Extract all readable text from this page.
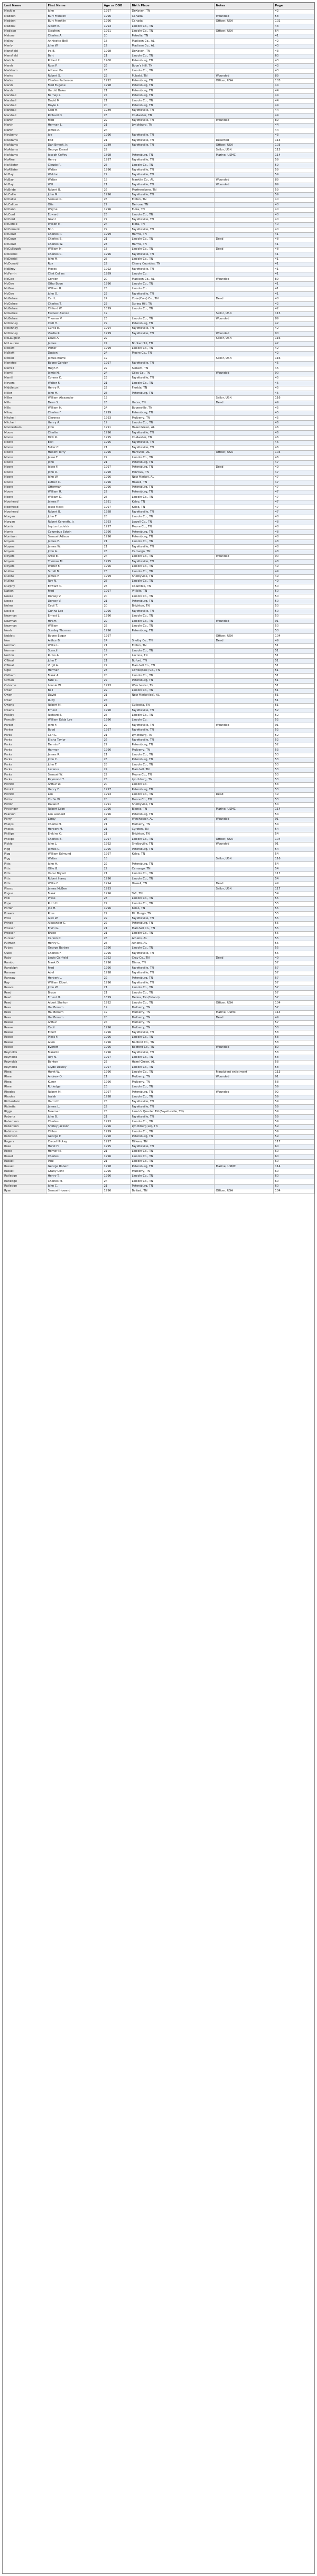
Last Name	First Name	Age or DOB	Birth Place	Notes	Page
Macklin	John	1997	DeKoven, TN		42
Madden	Burt Franklin	1996	Canada	Wounded	58
Madden	Burt Franklin	1996	Canada	Officer, USA	102
Maddox	Albert E.	1993	Lincoln Co., TN		43
Madison	Stephen	1991	Lincoln Co., TN	Officer, USA	64
Malone	Charles A.	20	Petrolia, TN		41
Malley	Annisette Bell	18	Madison Co., AL		42
Manly	John W.	22	Madison Co., AL		43
Mansfield	Ira B.	1998	DeKoven, TN		43
Mansfield	Bert	21	Lincoln Co., TN		63
Marich	Robert H.	1900	Petersburg, TN		43
Marsh	Ross P.	26	Boon's Hill, TN		43
Markham	Alfonso Bo	26	Lincoln Co., TN		43
Marks	Robert S.	22	Pulaski, TN	Wounded	89
Marks	Charles Patterson	1992	Petersburg, TN	Officer, USA	103
Marsh	Fred Eugene	1998	Petersburg, TN		44
Marsh	Harold Baker	21	Petersburg, TN		44
Marshall	Barney L.	24	Petersburg, TN		44
Marshall	David M.	21	Lincoln Co., TN		44
Marshall	Doyle L.	20	Petersburg, TN		44
Marshall	Said M.	1989	Fayetteville, TN		44
Marshall	Richard O.	26	Coldwater, TN		44
Martin	Fred	22	Fayetteville, TN	Wounded	89
Martin	Herman L.	21	Lynchburg, TN		44
Martin	James A.	24			44
Mayberry	Joe	1996	Fayetteville, TN		43
McAdams	Edd	21	Fayetteville, TN	Deserted	113
McAdams	Dan Ernest, Jr.	1989	Fayetteville, TN	Officer, USA	103
McAdams	George Ernest	29		Sailor, USN	115
McAdams	Joseph Coffey	1898	Petersburg, TN	Marine, USMC	114
McAfee	Henry	1997	Fayetteville, TN		59
McAllister	Claude R.	25	Lincoln Co., TN		59
McAllister	Walter	1996	Fayetteville, TN		59
McBay	Weldon	22	Fayetteville, TN		59
McBay	Walter	18	Franklin Co., AL	Wounded	89
McBay	Will	21	Fayetteville, TN	Wounded	89
McBride	Robert B.	26	Murfreesboro, TN		59
McCallie	John M.	1996	Fayetteville, TN		59
McCallie	Samuel G.	26	Elkton, TN		40
McCallum	Otis	27	Delrose, TN		40
McCann	Wayne	1996	Elora, TN		40
McCord	Edward	25	Lincoln Co., TN		40
McCord	Grant	27	Fayetteville, TN		40
McCorkle	Wilson M.	24	Elora, TN		40
McCormick	Bon	29	Fayetteville, TN		40
McCown	Charles R.	1999	Harms, TN		41
McCown	Charles B.	21	Lincoln Co., TN	Dead	48
McCown	Charles W.	23	Harms, TN		41
McCullough	William M.	18	Lincoln Co., TN	Dead	48
McDaniel	Charles C.	1996	Fayetteville, TN		41
McDaniel	John M.	25	Lincoln Co., TN		41
McDonald	Roy	22	Cherry Counties, TN		41
McElroy	Moses	1992	Fayetteville, TN		41
McFerrin	Clint Collins	1989	Lincoln Co.		41
McGee	Gordon	20	Madison Co., AL	Wounded	89
McGee	Otho Boon	1996	Lincoln Co., TN		41
McGee	William R.	25	Lincoln Co.		41
McGee	John O.	22	Fayetteville, TN		41
McGehee	Carl L.	24	Coke(Cole) Co., TN	Dead	48
McGehee	Charles T.	23	Spring Hill, TN		42
McGehee	Clifford W.	1899	Lincoln Co., TN		42
McGehee	Earnest Alonzo	19		Sailor, USN	115
McGehee	Thomas V.	23	Lincoln Co., TN	Wounded	89
McKinney	Clell H.	29	Petersburg, TN		42
McKinney	Curtis E.	1994	Fayetteville, TN		42
McKinney	Verdie R.	1999	Fayetteville, TN	Wounded	90
McLaughlin	Lewis A.	22		Sailor, USN	116
McLaurine	James	24	Bonker Hill, TN		42
McNatt	Porter	1999	Lincoln Co., TN		42
McNatt	Dutton	24	Moore Co., TN		42
McNeil	James Bluffe	19		Sailor, USN	116
Menefee	Boone Gordon	1997	Fayetteville, TN		45
Merrell	Hugh H.	22	Skinem, TN		45
Merrill	Jamie H.	24	Giles Co., TN	Wounded	90
Merrill	Conner C.	23	Fayetteville, TN		45
Meyers	Walter F.	21	Lincoln Co., TN		45
Middleton	Henry R.	22	Florida, TN		45
Miller	John H.	25	Petersburg, TN		45
Miller	William Alexander	19		Sailor, USN	116
Mills	Deen S.	26	Hates, TN	Dead	49
Mills	William H.	24	Booneville, TN		45
Milsap	Charles F.	1999	Petersburg, TN		45
Mitchell	Clarence	1993	Mulberry, TN		45
Mitchell	Henry A.	19	Lincoln Co., TN		46
Moonesham	John	1991	Hazel Green, AL		46
Moore	Charlie	1996	Fayetteville, TN		46
Moore	Dick R.	1995	Coldwater, TN		46
Moore	Earl	1995	Fayetteville, TN		46
Moore	Fuller C.	21	Fayetteville, TN		46
Moore	Hubert Terry	1996	Harbville, AL	Officer, USA	103
Moore	Jesse F.	22	Lincoln Co., TN		46
Moore	John	21	Petersburg, TN		47
Moore	Jesse F.	1997	Petersburg, TN	Dead	49
Moore	John D.	1990	Minroux, TN		47
Moore	John W.	1996	New Market, AL		47
Moore	Luther C.	1996	Howell, TN		47
Moore	Otterman	1996	Petersburg, TN		47
Moore	William R.	27	Petersburg, TN		47
Moore	William D.	25	Lincoln Co., TN		47
Moorhead	James F.	1991	Kelso, TN		47
Moorhead	Jesse Mack	1997	Kelso, TN		47
Moorhead	Robert B.	1988	Fayetteville, TN		47
Morgan	John T.	28	Lincoln Co., TN		48
Morgan	Robert Kenneth, Jr.	1993	Lowell Co., TN		48
Morris	Leyton Ludvick	1997	Moore Co., TN		48
Morris	Columbus Edwin	1996	Petersburg, TN		48
Morrison	Samuel Adison	1996	Petersburg, TN		48
Moyers	James E.	21	Lincoln Co., TN		48
Moyers	James W.	21	Fayetteville, TN		48
Moyers	John A.	26	Camargo, TN		48
Moyers	Arcie E.	24	Lincoln Co., TN	Wounded	90
Moyers	Thomas M.	1995	Fayetteville, TN		48
Moyers	Walter F.	1996	Lincoln Co., TN		49
Mullins	Sirrell B.	23	Lincoln Co., TN		49
Mullins	James H.	1999	Shelbyville, TN		49
Mullins	Roy N.	25	Lincoln Co., TN		49
Murphy	Edward C.	25	Columbia, TN		50
Nation	Fred	1997	Vitikits, TN		50
Neese	Dorsey V.	20	Lincoln Co., TN		50
Neese	Dorsey V.	21	Petersburg, TN		50
Nelms	Cecil T.	20	Brighton, TN		50
Neville	Gunna Lee	1996	Fayetteville, TN		50
Newman	Ernest L.	1996	Lincoln Co., TN		50
Newman	Hiram	22	Lincoln Co., TN	Wounded	91
Newman	William	25	Lincoln Co., TN		50
Noah	Stanley Thomas	1996	Petersburg, TN		50
Noblett	Boone Edgar	1997		Officer, USA	104
Noe	Arthur B.	24	Shelby Co., TN	Dead	49
Norman	Willie L.	21	Elkton, TN		51
Norman	Stancil	19	Lincoln Co., TN		51
Norton	Rufus A.	23	Lacona, TN		51
O'Neal	John T.	21	Buford, TN		51
O'Neal	Virgil A.	27	Marshall Co., TN		51
Ogle	Herman	23	Coffee(Coe) Co., TN		51
Oldham	Frank A.	20	Lincoln Co., TN		51
Orman	Fate C.	27	Petersburg, TN		51
Osborne	Lonnie W.	1993	Winchester, TN		51
Owen	Bell	22	Lincoln Co., TN		51
Owen	David	21	New Market(co), AL		51
Owen	Ruby	24			51
Owens	Robert M.	21	Culleoka, TN		51
Owens	Ernest	1990	Fayetteville, TN		52
Paisley	Richard E.	25	Lincoln Co., TN		52
Pamplin	William Edda Lee	1996	Lincoln Co.		52
Parker	John F.	22	Fayetteville, TN	Wounded	91
Parker	Boyd	1997	Fayetteville, TN		52
Parks	Carl L.	21	Lynchburg, TN		52
Parks	Elisha Taylor	26	Fayetteville, TN		52
Parks	Dennis F.	27	Petersburg, TN		52
Parks	Harmon	1996	Mulberry, TN		53
Parks	James R.	21	Lincoln Co., TN		53
Parks	John C.	26	Petersburg, TN		53
Parks	John T.	28	Lincoln Co., TN		53
Parks	Lazarus	24	Marshall, TN		53
Parks	Samuel W.	22	Moore Co., TN		53
Parks	Raymond T.	25	Lynchburg, TN		53
Patrick	Arthur W.	20	Lincoln Co.		53
Patrick	Henry E.	1997	Petersburg, TN		53
Patrick	Leo	1993	Lincoln Co., TN	Dead	49
Patton	Corfie W.	20	Moore Co., TN		53
Patton	Dallas B.	1991	Shelbyville, TN		54
Paysinger	Robert Leon	1996	Blanse, TN	Marine, USMC	114
Pearson	Leo Leonard	1996	Petersburg, TN		54
Perry	Laroy	25	Winchester, AL	Wounded	91
Phelps	Charlie H.	21	Mulberry, TN		54
Phelps	Herbert M.	21	Cyrston, TN		54
Phillips	Erskine O.	21	Brighton, TN		54
Phillips	Charles B.	1997	Lincoln Co., TN	Officer, USA	104
Pickle	John L.	1992	Shelbyville, TN	Wounded	91
Pigg	James C.	1995	Petersburg, TN		54
Pigg	William Edmund	1997	Kelso, TN		54
Pigg	Walter	18		Sailor, USN	116
Pitts	John H.	22	Petersburg, TN		54
Pitts	Ollie G.	22	Camargo, TN		54
Pitts	Oscar Bryant	21	Lincoln Co., TN		117
Pitts	Robert Harry	1996	Lincoln Co., TN		54
Pitts	Willie C.	1994	Howell, TN	Dead	49
Plasco	James McBee	1993		Sailor, USN	117
Pogue	Frank	1996	Taft, TN		54
Polk	Press	23	Lincoln Co., TN		55
Pope	Ruth H.	22	Lincoln Co., TN		55
Porter	Joe H.	1996	Kelso, TN		55
Powers	Ross	22	Mt. Burgo, TN		55
Price	Alex W.	22	Fayetteville, TN		55
Prince	Alexander C.	27	Petersburg, TN		55
Prosser	Elvin G.	21	Marshall Co., TN		55
Prosser	Bruce	21	Lincoln Co., TN		55
Pursser	Carson C.	26	Athens, AL		55
Putman	Henry C.	25	Athens, AL		55
Pybas	George Barbee	1996	Lincoln Co., TN		55
Quick	Charles F.	1996	Fayetteville, TN		55
Raby	Lewis Garfield	1992	Cray Co., TN	Dead	49
Rambo	Frank D.	1996	Diana, TN		57
Randolph	Fred	1996	Fayetteville, TN		57
Ransaw	Abel	1998	Fayetteville, TN		57
Ransaw	Herbert L.	22	Petersburg, TN		57
Ray	William Elbert	1996	Fayetteville, TN		57
Reavis	John W.	21	Lincoln Co., TN		57
Reed	Bruce	21	Lincoln Co., TN		57
Reed	Ernest H.	1899	Delina, TN (Celano)		57
Reed	Albert Shelton	1992	Lincoln Co., TN	Officer, USA	104
Rees	Hal Bonum	19	Mulberry, TN		57
Rees	Hal Bonum	19	Mulberry, TN	Marine, USMC	114
Rees	Hal Bonum	20	Mulberry, TN	Dead	49
Reese	Arthur	24	Mulberry, TN		57
Reese	Cecil	1996	Mulberry, TN		58
Reese	Elbert	1996	Fayetteville, TN		58
Reese	Pless F.	1996	Lincoln Co., TN		58
Reese	Allen	1996	Bedford Co., TN		58
Reese	Everett	1996	Bedford Co., TN	Wounded	89
Reynolds	Franklin	1996	Fayetteville, TN		58
Reynolds	Roy N.	1997	Lincoln Co., TN		58
Reynolds	Benton	27	Hazel Green, AL		58
Reynolds	Clyde Dewey	1997	Lincoln Co., TN		58
Rhea	Hurst W.	1996	Lincoln Co., TN	Fraudulent enlistment	113
Rhea	Andrew O.	21	Mulberry, TN	Wounded	91
Rhea	Kuner	1996	Mulberry, TN		58
Rhea	Rutledge	23	Lincoln Co., TN		59
Rhodes	Robert M.	1997	Petersburg, TN	Wounded	92
Rhodes	Isaiah	1998	Lincoln Co., TN		59
Richardson	Harrol H.	25	Fayetteville, TN		59
Ricketts	James L.	22	Fayetteville, TN		59
Riggs	Freeman	25	Lamb's Quarter TN (Fayetteville, TN)		59
Roberts	John B.	21	Fayetteville, TN		59
Robertson	Charles	1993	Lincoln Co., TN		59
Robertson	Shirley Jackson	1996	Lynchburg(Lo), TN		59
Robinson	Clifton	1999	Lincoln Co., TN		59
Robinson	George F.	1990	Petersburg, TN		59
Rogers	Crecel Hickey	1997	Dilleen, TN		117
Rose	Hurst H.	1995	Fayetteville, TN		60
Rowe	Homer M.	21	Lincoln Co., TN		60
Rowell	Charles	1996	Lincoln Co., TN		60
Russell	Paul	21	Lincoln Co., TN		60
Russell	George Robert	1998	Petersburg, TN	Marine, USMC	114
Russell	Grady Clint	1996	Mulberry, TN		60
Rutledge	Henry T.	1996	Lincoln Co., TN		60
Rutledge	Charles M.	24	Lincoln Co., TN		60
Rutledge	John C.	21	Petersburg, TN		60
Ryan	Samuel Howard	1996	Belfast, TN	Officer, USA	104
